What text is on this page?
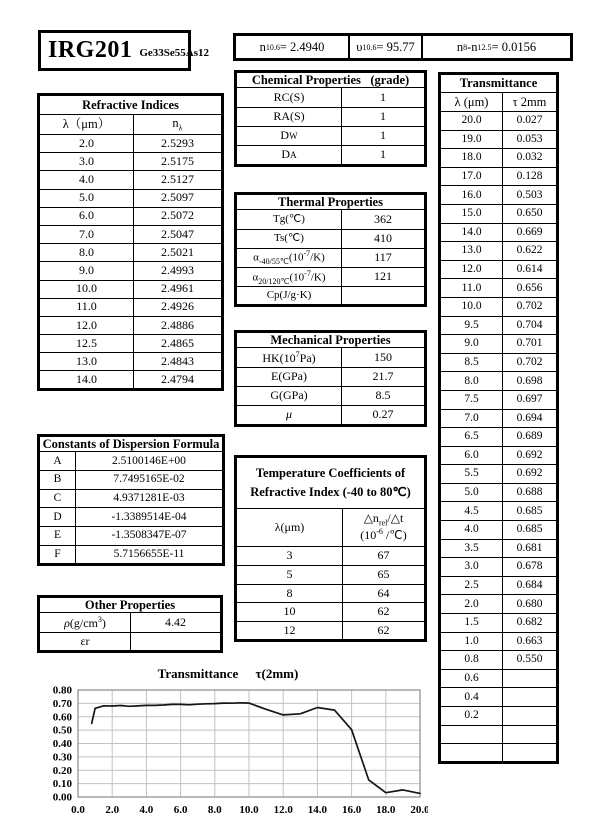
IRG201 Ge33Se55As12	n 10.6 = 2.4940	υ 10.6 = 95.77	n 8 -n 12.5 = 0.0156
Refractive Indices	
λ（μm）	$n_\lambda$
2.0	2.5293
3.0	2.5175
4.0	2.5127
5.0	2.5097
6.0	2.5072
7.0	2.5047
8.0	2.5021
9.0	2.4993
10.0	2.4961
11.0	2.4926
12.0	2.4886
12.5	2.4865
13.0	2.4843
14.0	2.4794
Constants of Dispersion Formula	
A	2.5100146E+00
B	7.7495165E-02
C	4.9371281E-03
D	-1.3389514E-04
E	-1.3508347E-07
F	5.7156655E-11
Other Properties	
$\rho(g/cm^3)$	4.42
εr	
Chemical Properties (grade)	
RC(S)	1
RA(S)	1
DW	1
DA	1
Thermal Properties	
Tg(℃)	362
Ts(℃)	410
$\alpha_{-40/55℃}(10^{-7}/K)$	117
$\alpha_{20/120℃}(10^{-7}/K)$	121
Cp(J/g·K)	
Mechanical Properties	
$HK(10^7Pa)$	150
E(GPa)	21.7
G(GPa)	8.5
μ	0.27
Temperature Coefficients of
Refractive Index (-40 to 80℃)	

λ(μm)	$\triangle n_{rel}/\triangle t$
($10^{-6}$ /℃)
3	67
5	65
8	64
10	62
12	62
Transmittance	
λ (μm)	τ 2mm
20.0	0.027
19.0	0.053
18.0	0.032
17.0	0.128
16.0	0.503
15.0	0.650
14.0	0.669
13.0	0.622
12.0	0.614
11.0	0.656
10.0	0.702
9.5	0.704
9.0	0.701
8.5	0.702
8.0	0.698
7.5	0.697
7.0	0.694
6.5	0.689
6.0	0.692
5.5	0.692
5.0	0.688
4.5	0.685
4.0	0.685
3.5	0.681
3.0	0.678
2.5	0.684
2.0	0.680
1.5	0.682
1.0	0.663
0.8	0.550
0.6	
0.4	
0.2	

Transmittance τ(2mm)
0.00
0.10
0.20
0.30
0.40
0.50
0.60
0.70
0.80
0.0 2.0 4.0 6.0 8.0 10.0 12.0 14.0 16.0 18.0 20.0
